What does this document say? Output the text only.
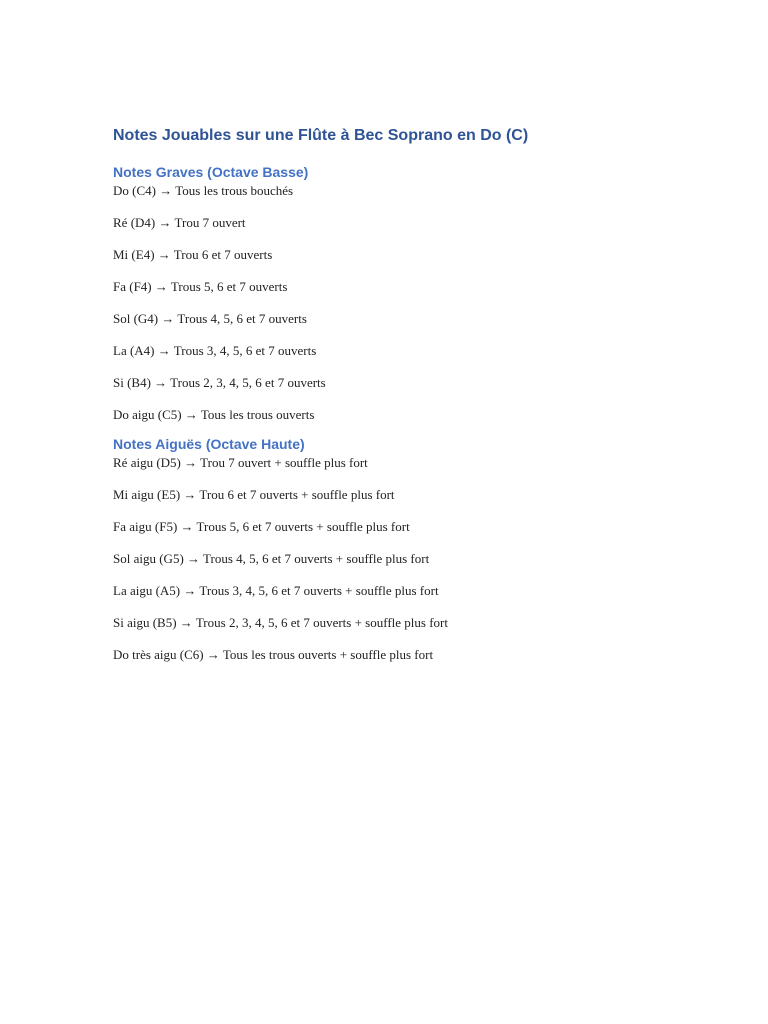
Notes Jouables sur une Flûte à Bec Soprano en Do (C)
Notes Graves (Octave Basse)

Do (C4) → Tous les trous bouchés

Ré (D4) → Trou 7 ouvert

Mi (E4) → Trou 6 et 7 ouverts

Fa (F4) → Trous 5, 6 et 7 ouverts

Sol (G4) → Trous 4, 5, 6 et 7 ouverts

La (A4) → Trous 3, 4, 5, 6 et 7 ouverts

Si (B4) → Trous 2, 3, 4, 5, 6 et 7 ouverts

Do aigu (C5) → Tous les trous ouverts

Notes Aiguës (Octave Haute)

Ré aigu (D5) → Trou 7 ouvert + souffle plus fort

Mi aigu (E5) → Trou 6 et 7 ouverts + souffle plus fort

Fa aigu (F5) → Trous 5, 6 et 7 ouverts + souffle plus fort

Sol aigu (G5) → Trous 4, 5, 6 et 7 ouverts + souffle plus fort

La aigu (A5) → Trous 3, 4, 5, 6 et 7 ouverts + souffle plus fort

Si aigu (B5) → Trous 2, 3, 4, 5, 6 et 7 ouverts + souffle plus fort

Do très aigu (C6) → Tous les trous ouverts + souffle plus fort
